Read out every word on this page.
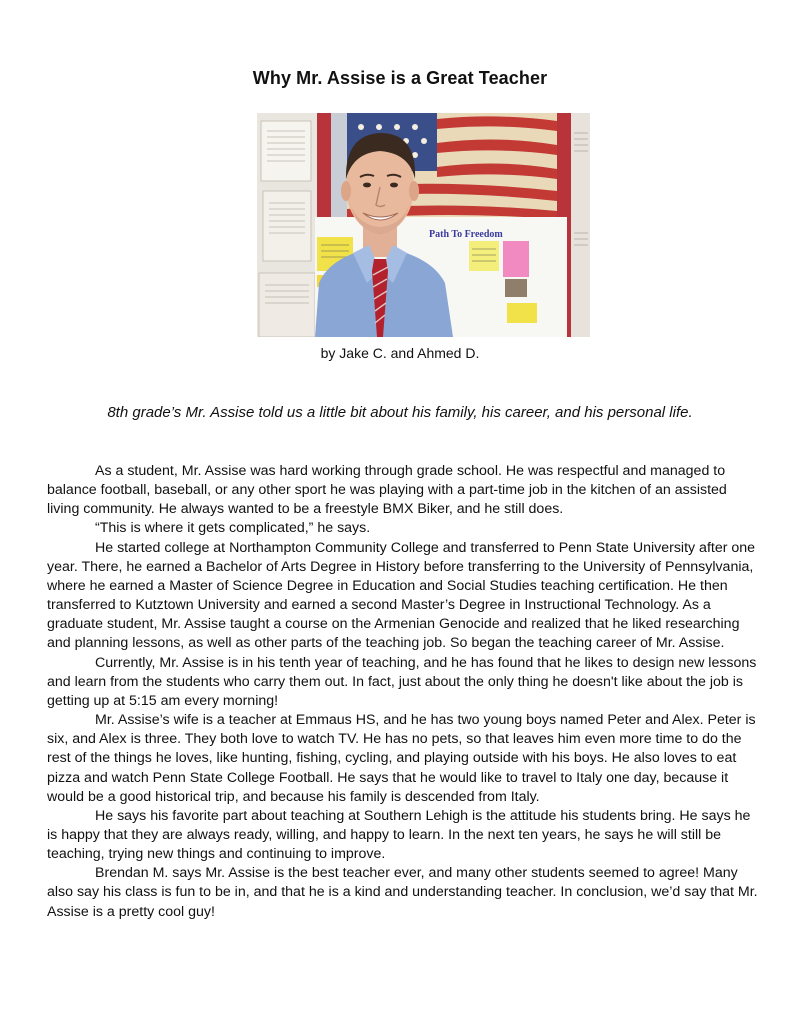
Why Mr. Assise is a Great Teacher
Path To Freedom
by Jake C. and Ahmed D.
8th grade’s Mr. Assise told us a little bit about his family, his career, and his personal life.

As a student, Mr. Assise was hard working through grade school. He was respectful and managed to balance football, baseball, or any other sport he was playing with a part-time job in the kitchen of an assisted living community. He always wanted to be a freestyle BMX Biker, and he still does.

“This is where it gets complicated,” he says.

He started college at Northampton Community College and transferred to Penn State University after one year. There, he earned a Bachelor of Arts Degree in History before transferring to the University of Pennsylvania, where he earned a Master of Science Degree in Education and Social Studies teaching certification. He then transferred to Kutztown University and earned a second Master’s Degree in Instructional Technology. As a graduate student, Mr. Assise taught a course on the Armenian Genocide and realized that he liked researching and planning lessons, as well as other parts of the teaching job. So began the teaching career of Mr. Assise.

Currently, Mr. Assise is in his tenth year of teaching, and he has found that he likes to design new lessons and learn from the students who carry them out. In fact, just about the only thing he doesn't like about the job is getting up at 5:15 am every morning!

Mr. Assise’s wife is a teacher at Emmaus HS, and he has two young boys named Peter and Alex. Peter is six, and Alex is three. They both love to watch TV. He has no pets, so that leaves him even more time to do the rest of the things he loves, like hunting, fishing, cycling, and playing outside with his boys. He also loves to eat pizza and watch Penn State College Football. He says that he would like to travel to Italy one day, because it would be a good historical trip, and because his family is descended from Italy.

He says his favorite part about teaching at Southern Lehigh is the attitude his students bring. He says he is happy that they are always ready, willing, and happy to learn. In the next ten years, he says he will still be teaching, trying new things and continuing to improve.

Brendan M. says Mr. Assise is the best teacher ever, and many other students seemed to agree! Many also say his class is fun to be in, and that he is a kind and understanding teacher. In conclusion, we’d say that Mr. Assise is a pretty cool guy!
